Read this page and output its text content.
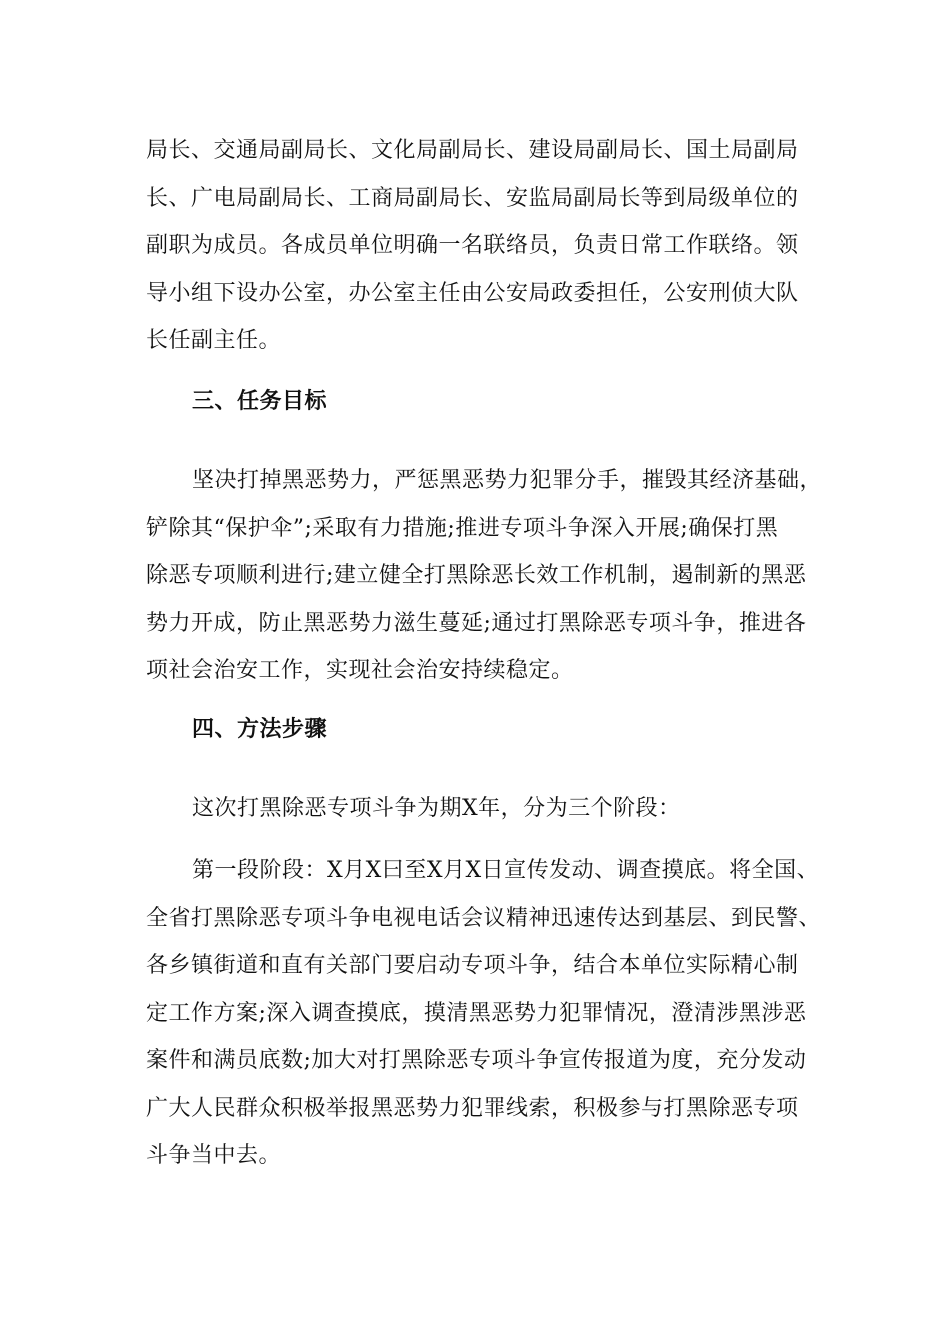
局长、交通局副局长、文化局副局长、建设局副局长、国土局副局
长、广电局副局长、工商局副局长、安监局副局长等到局级单位的
副职为成员。各成员单位明确一名联络员，负责日常工作联络。领
导小组下设办公室，办公室主任由公安局政委担任，公安刑侦大队
长任副主任。
三、任务目标
坚决打掉黑恶势力，严惩黑恶势力犯罪分手，摧毁其经济基础，
铲除其“保护伞”;采取有力措施;推进专项斗争深入开展;确保打黑
除恶专项顺利进行;建立健全打黑除恶长效工作机制，遏制新的黑恶
势力开成，防止黑恶势力滋生蔓延;通过打黑除恶专项斗争，推进各
项社会治安工作，实现社会治安持续稳定。
四、方法步骤
这次打黑除恶专项斗争为期X年，分为三个阶段：
第一段阶段：X月X曰至X月X日宣传发动、调查摸底。将全国、
全省打黑除恶专项斗争电视电话会议精神迅速传达到基层、到民警、
各乡镇街道和直有关部门要启动专项斗争，结合本单位实际精心制
定工作方案;深入调查摸底，摸清黑恶势力犯罪情况，澄清涉黑涉恶
案件和满员底数;加大对打黑除恶专项斗争宣传报道为度，充分发动
广大人民群众积极举报黑恶势力犯罪线索，积极参与打黑除恶专项
斗争当中去。
